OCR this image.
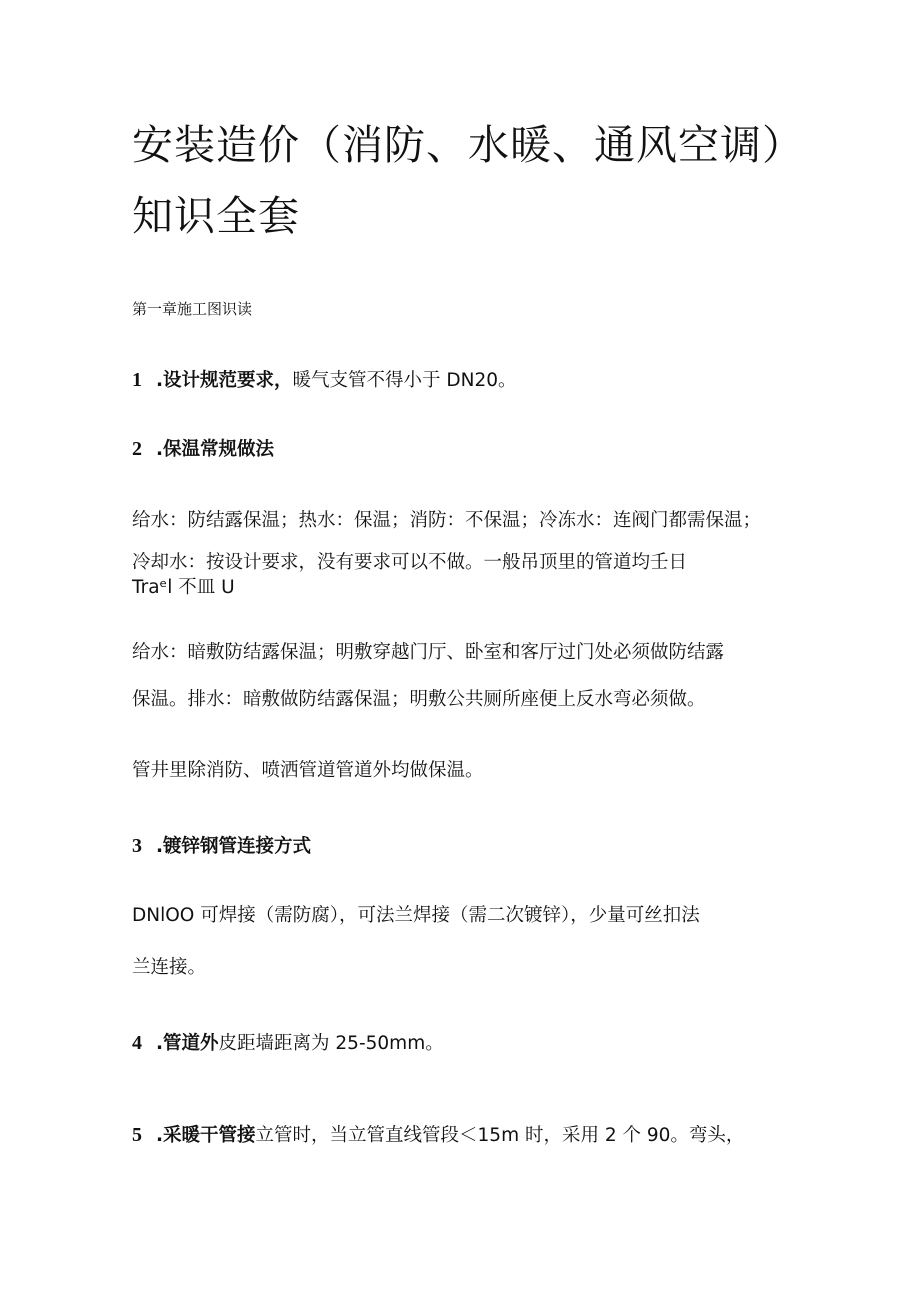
安装造价（消防、水暖、通风空调）
知识全套
第一章施工图识读
1 .设计规范要求，暖气支管不得小于 DN20。
2 .保温常规做法
给水：防结露保温；热水：保温；消防：不保温；冷冻水：连阀门都需保温；
冷却水：按设计要求，没有要求可以不做。一般吊顶里的管道均壬日
Traᵉl 不皿 U
给水：暗敷防结露保温；明敷穿越门厅、卧室和客厅过门处必须做防结露
保温。排水：暗敷做防结露保温；明敷公共厕所座便上反水弯必须做。
管井里除消防、喷洒管道管道外均做保温。
3 .镀锌钢管连接方式
DNlOO 可焊接（需防腐），可法兰焊接（需二次镀锌），少量可丝扣法
兰连接。
4 .管道外皮距墙距离为 25-50mm。
5 .采暖干管接立管时，当立管直线管段＜15m 时，采用 2 个 90。弯头，
